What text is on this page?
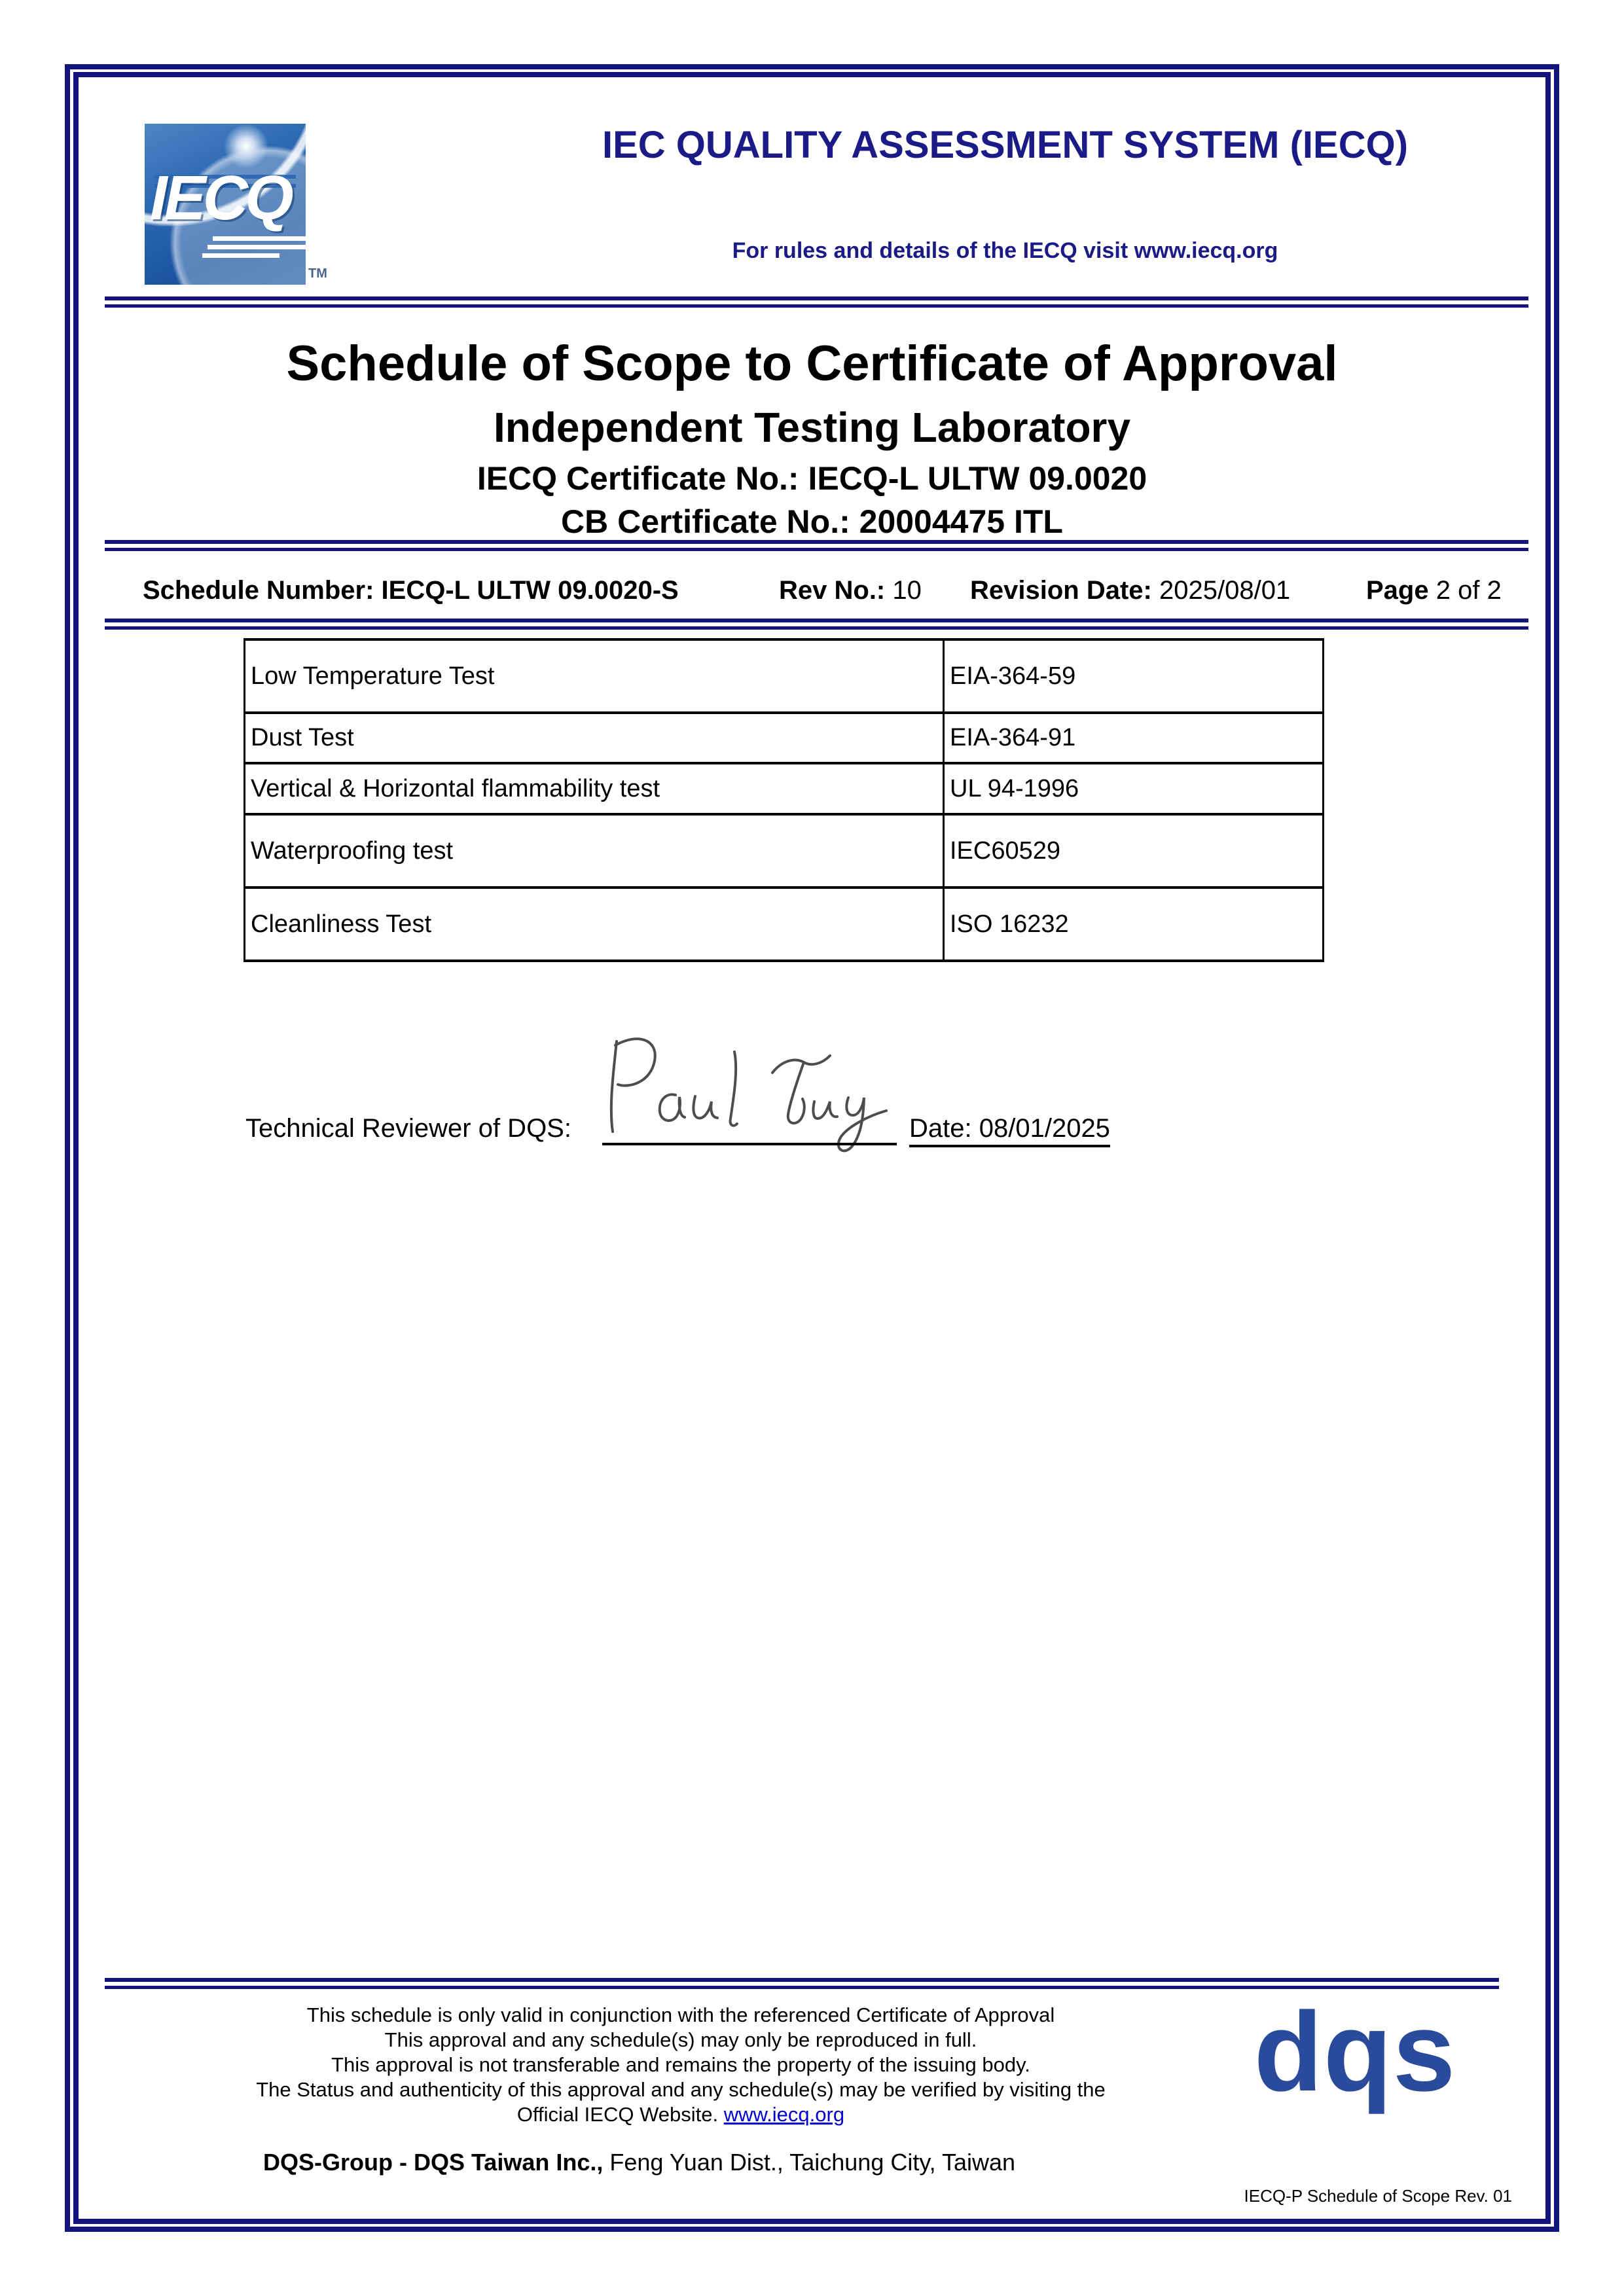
IECQ
TM
IEC QUALITY ASSESSMENT SYSTEM (IECQ)
For rules and details of the IECQ visit www.iecq.org
Schedule of Scope to Certificate of Approval
Independent Testing Laboratory
IECQ Certificate No.: IECQ-L ULTW 09.0020
CB Certificate No.: 20004475 ITL
Schedule Number: IECQ-L ULTW 09.0020-S	Rev No.: 10 Revision Date: 2025/08/01	Page 2 of 2
Low Temperature Test	EIA-364-59
Dust Test	EIA-364-91
Vertical & Horizontal flammability test	UL 94-1996
Waterproofing test	IEC60529
Cleanliness Test	ISO 16232
Technical Reviewer of DQS:	Date: 08/01/2025
This schedule is only valid in conjunction with the referenced Certificate of Approval
This approval and any schedule(s) may only be reproduced in full.
This approval is not transferable and remains the property of the issuing body.
The Status and authenticity of this approval and any schedule(s) may be verified by visiting the
Official IECQ Website. www.iecq.org
DQS-Group - DQS Taiwan Inc., Feng Yuan Dist., Taichung City, Taiwan
dqs
IECQ-P Schedule of Scope Rev. 01
